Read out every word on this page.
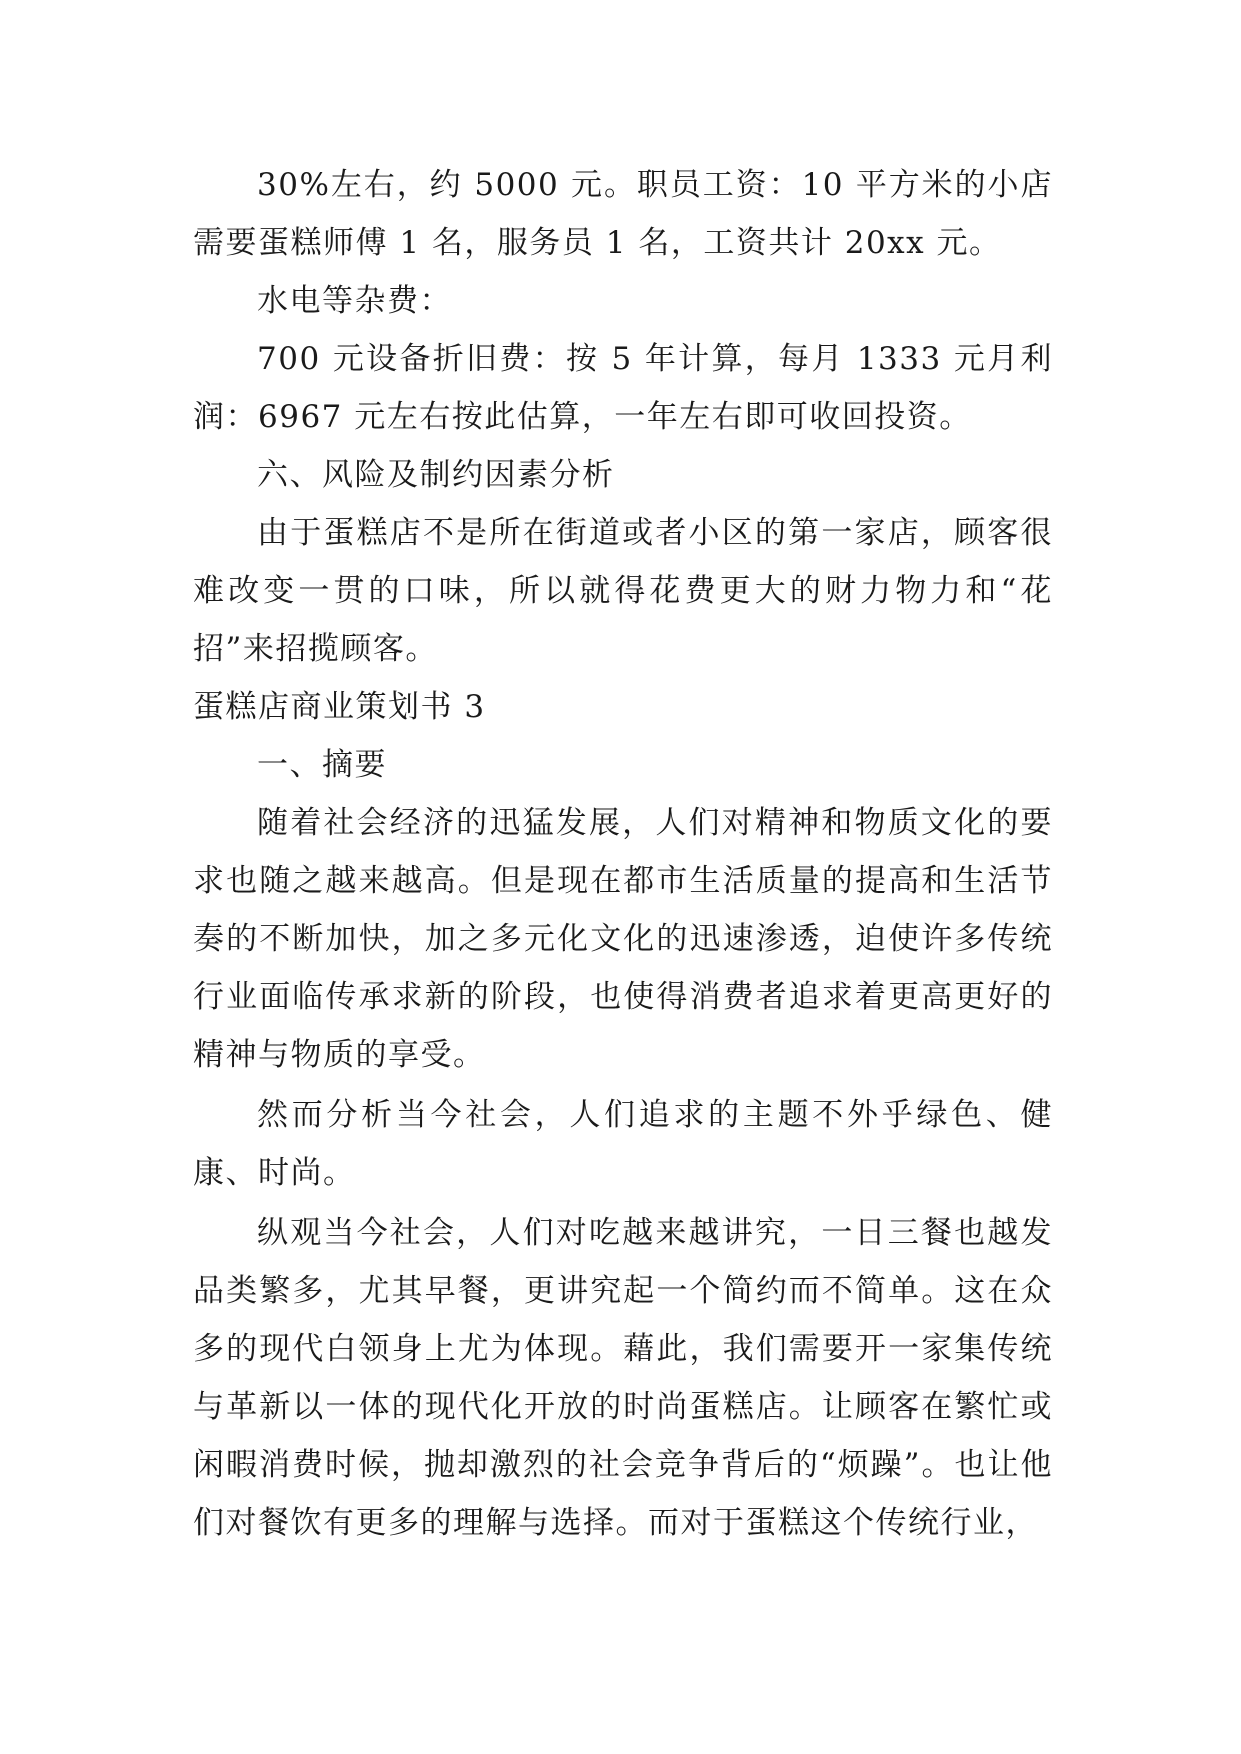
30%左右，约 5000 元。职员工资：10 平方米的小店需要蛋糕师傅 1 名，服务员 1 名，工资共计 20xx 元。

水电等杂费：

700 元设备折旧费：按 5 年计算，每月 1333 元月利润：6967 元左右按此估算，一年左右即可收回投资。

六、风险及制约因素分析

由于蛋糕店不是所在街道或者小区的第一家店，顾客很难改变一贯的口味，所以就得花费更大的财力物力和“花招”来招揽顾客。

蛋糕店商业策划书 3

一、摘要

随着社会经济的迅猛发展，人们对精神和物质文化的要求也随之越来越高。但是现在都市生活质量的提高和生活节奏的不断加快，加之多元化文化的迅速渗透，迫使许多传统行业面临传承求新的阶段，也使得消费者追求着更高更好的精神与物质的享受。

然而分析当今社会，人们追求的主题不外乎绿色、健康、时尚。

纵观当今社会，人们对吃越来越讲究，一日三餐也越发品类繁多，尤其早餐，更讲究起一个简约而不简单。这在众多的现代白领身上尤为体现。藉此，我们需要开一家集传统与革新以一体的现代化开放的时尚蛋糕店。让顾客在繁忙或闲暇消费时候，抛却激烈的社会竞争背后的“烦躁”。也让他们对餐饮有更多的理解与选择。而对于蛋糕这个传统行业，
